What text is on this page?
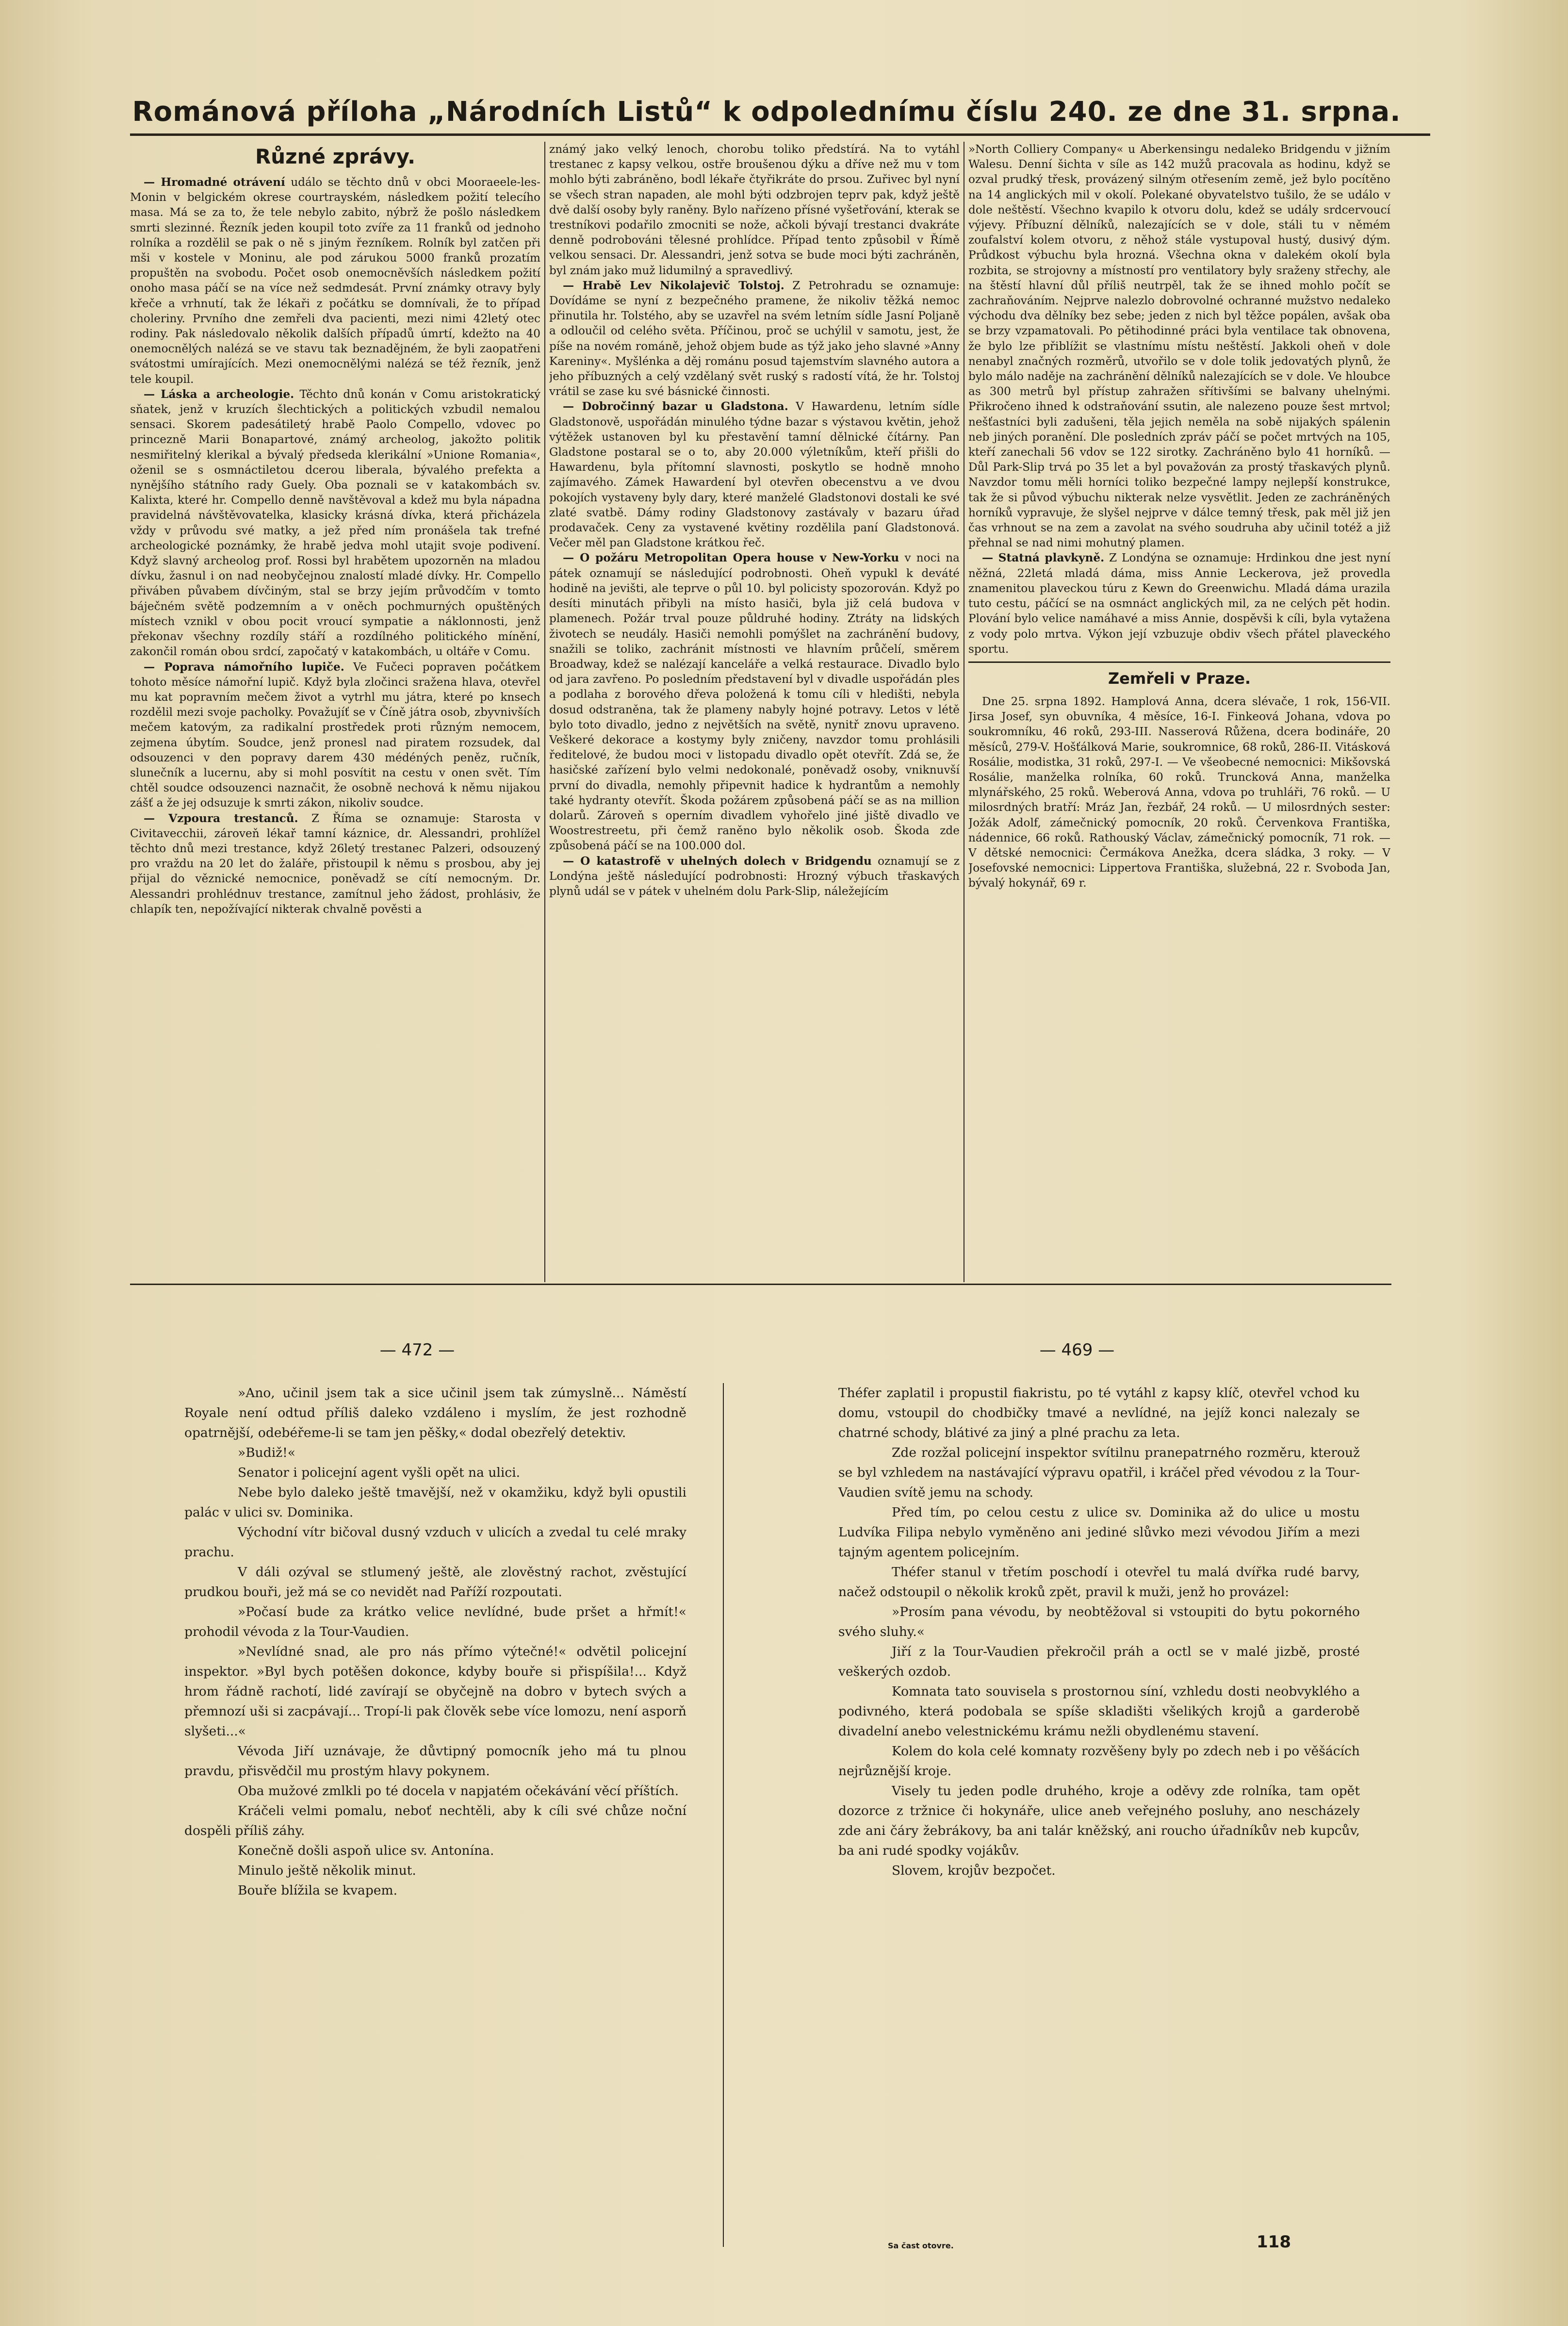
Románová příloha „Národních Listů“ k odpolednímu číslu 240. ze dne 31. srpna.
Různé zprávy.

— Hromadné otrávení událo se těchto dnů v obci Mooraeele-les-Monin v belgickém okrese courtrayském, následkem požití telecího masa. Má se za to, že tele nebylo zabito, nýbrž že pošlo následkem smrti slezinné. Řezník jeden koupil toto zvíře za 11 franků od jednoho rolníka a rozdělil se pak o ně s jiným řezníkem. Rolník byl zatčen při mši v kostele v Moninu, ale pod zárukou 5000 franků prozatím propuštěn na svobodu. Počet osob onemocněvších následkem požití onoho masa páčí se na více než sedmdesát. První známky otravy byly křeče a vrhnutí, tak že lékaři z počátku se domnívali, že to případ choleriny. Prvního dne zemřeli dva pacienti, mezi nimi 42letý otec rodiny. Pak následovalo několik dalších případů úmrtí, kdežto na 40 onemocnělých nalézá se ve stavu tak beznadějném, že byli zaopatřeni svátostmi umírajících. Mezi onemocnělými nalézá se též řezník, jenž tele koupil.

— Láska a archeologie. Těchto dnů konán v Comu aristokratický sňatek, jenž v kruzích šlechtických a politických vzbudil nemalou sensaci. Skorem padesátiletý hrabě Paolo Compello, vdovec po princezně Marii Bonapartové, známý archeolog, jakožto politik nesmiřitelný klerikal a bývalý předseda klerikální »Unione Romania«, oženil se s osmnáctiletou dcerou liberala, bývalého prefekta a nynějšího státního rady Guely. Oba poznali se v katakombách sv. Kalixta, které hr. Compello denně navštěvoval a kdež mu byla nápadna pravidelná návštěvovatelka, klasicky krásná dívka, která přicházela vždy v průvodu své matky, a jež před ním pronášela tak trefné archeologické poznámky, že hrabě jedva mohl utajit svoje podivení. Když slavný archeolog prof. Rossi byl hrabětem upozorněn na mladou dívku, žasnul i on nad neobyčejnou znalostí mladé dívky. Hr. Compello přiváben půvabem dívčiným, stal se brzy jejím průvodčím v tomto báječném světě podzemním a v oněch pochmurných opuštěných místech vznikl v obou pocit vroucí sympatie a náklonnosti, jenž překonav všechny rozdíly stáří a rozdílného politického mínění, zakončil román obou srdcí, započatý v katakombách, u oltáře v Comu.

— Poprava námořního lupiče. Ve Fučeci popraven počátkem tohoto měsíce námořní lupič. Když byla zločinci sražena hlava, otevřel mu kat popravním mečem život a vytrhl mu játra, které po knsech rozdělil mezi svoje pacholky. Považujíť se v Číně játra osob, zbyvnivších mečem katovým, za radikalní prostředek proti různým nemocem, zejmena úbytím. Soudce, jenž pronesl nad piratem rozsudek, dal odsouzenci v den popravy darem 430 médéných peněz, ručník, slunečník a lucernu, aby si mohl posvítit na cestu v onen svět. Tím chtěl soudce odsouzenci naznačit, že osobně nechová k němu nijakou zášť a že jej odsuzuje k smrti zákon, nikoliv soudce.

— Vzpoura trestanců. Z Říma se oznamuje: Starosta v Civitavecchii, zároveň lékař tamní káznice, dr. Alessandri, prohlížel těchto dnů mezi trestance, když 26letý trestanec Palzeri, odsouzený pro vraždu na 20 let do žaláře, přistoupil k němu s prosbou, aby jej přijal do věznické nemocnice, poněvadž se cítí nemocným. Dr. Alessandri prohlédnuv trestance, zamítnul jeho žádost, prohlásiv, že chlapík ten, nepožívající nikterak chvalně pověsti a

známý jako velký lenoch, chorobu toliko předstírá. Na to vytáhl trestanec z kapsy velkou, ostře broušenou dýku a dříve než mu v tom mohlo býti zabráněno, bodl lékaře čtyřikráte do prsou. Zuřivec byl nyní se všech stran napaden, ale mohl býti odzbrojen teprv pak, když ještě dvě další osoby byly raněny. Bylo nařízeno přísné vyšetřování, kterak se trestníkovi podařilo zmocniti se nože, ačkoli bývají trestanci dvakráte denně podrobováni tělesné prohlídce. Případ tento způsobil v Římě velkou sensaci. Dr. Alessandri, jenž sotva se bude moci býti zachráněn, byl znám jako muž lidumilný a spravedlivý.

— Hrabě Lev Nikolajevič Tolstoj. Z Petrohradu se oznamuje: Dovídáme se nyní z bezpečného pramene, že nikoliv těžká nemoc přinutila hr. Tolstého, aby se uzavřel na svém letním sídle Jasní Poljaně a odloučil od celého světa. Příčinou, proč se uchýlil v samotu, jest, že píše na novém románě, jehož objem bude as týž jako jeho slavné »Anny Kareniny«. Myšlénka a děj románu posud tajemstvím slavného autora a jeho příbuzných a celý vzdělaný svět ruský s radostí vítá, že hr. Tolstoj vrátil se zase ku své básnické činnosti.

— Dobročinný bazar u Gladstona. V Hawardenu, letním sídle Gladstonově, uspořádán minulého týdne bazar s výstavou květin, jehož výtěžek ustanoven byl ku přestavění tamní dělnické čítárny. Pan Gladstone postaral se o to, aby 20.000 výletníkům, kteří přišli do Hawardenu, byla přítomní slavnosti, poskytlo se hodně mnoho zajímavého. Zámek Hawardení byl otevřen obecenstvu a ve dvou pokojích vystaveny byly dary, které manželé Gladstonovi dostali ke své zlaté svatbě. Dámy rodiny Gladstonovy zastávaly v bazaru úřad prodavaček. Ceny za vystavené květiny rozdělila paní Gladstonová. Večer měl pan Gladstone krátkou řeč.

— O požáru Metropolitan Opera house v New-Yorku v noci na pátek oznamují se následující podrobnosti. Oheň vypukl k deváté hodině na jevišti, ale teprve o půl 10. byl policisty spozorován. Když po desíti minutách přibyli na místo hasiči, byla již celá budova v plamenech. Požár trval pouze půldruhé hodiny. Ztráty na lidských životech se neudály. Hasiči nemohli pomýšlet na zachránění budovy, snažili se toliko, zachránit místnosti ve hlavním průčelí, směrem Broadway, kdež se nalézají kanceláře a velká restaurace. Divadlo bylo od jara zavřeno. Po posledním představení byl v divadle uspořádán ples a podlaha z borového dřeva položená k tomu cíli v hledišti, nebyla dosud odstraněna, tak že plameny nabyly hojné potravy. Letos v létě bylo toto divadlo, jedno z největších na světě, nynitř znovu upraveno. Veškeré dekorace a kostymy byly zničeny, navzdor tomu prohlásili ředitelové, že budou moci v listopadu divadlo opět otevřít. Zdá se, že hasičské zařízení bylo velmi nedokonalé, poněvadž osoby, vniknuvší první do divadla, nemohly připevnit hadice k hydrantům a nemohly také hydranty otevřít. Škoda požárem způsobená páčí se as na million dolarů. Zároveň s operním divadlem vyhořelo jiné jiště divadlo ve Woostrestreetu, při čemž raněno bylo několik osob. Škoda zde způsobená páčí se na 100.000 dol.

— O katastrofě v uhelných dolech v Bridgendu oznamují se z Londýna ještě následující podrobnosti: Hrozný výbuch třaskavých plynů udál se v pátek v uhelném dolu Park-Slip, náležejícím

»North Colliery Company« u Aberkensingu nedaleko Bridgendu v jižním Walesu. Denní šichta v síle as 142 mužů pracovala as hodinu, když se ozval prudký třesk, provázený silným otřesením země, jež bylo pocítěno na 14 anglických mil v okolí. Polekané obyvatelstvo tušilo, že se událo v dole neštěstí. Všechno kvapilo k otvoru dolu, kdež se udály srdcervoucí výjevy. Příbuzní dělníků, nalezajících se v dole, stáli tu v němém zoufalství kolem otvoru, z něhož stále vystupoval hustý, dusivý dým. Průdkost výbuchu byla hrozná. Všechna okna v dalekém okolí byla rozbita, se strojovny a místností pro ventilatory byly sraženy střechy, ale na štěstí hlavní důl příliš neutrpěl, tak že se ihned mohlo počít se zachraňováním. Nejprve nalezlo dobrovolné ochranné mužstvo nedaleko východu dva dělníky bez sebe; jeden z nich byl těžce popálen, avšak oba se brzy vzpamatovali. Po pětihodinné práci byla ventilace tak obnovena, že bylo lze přiblížit se vlastnímu místu neštěstí. Jakkoli oheň v dole nenabyl značných rozměrů, utvořilo se v dole tolik jedovatých plynů, že bylo málo naděje na zachránění dělníků nalezajících se v dole. Ve hloubce as 300 metrů byl přístup zahražen sřítivšími se balvany uhelnými. Přikročeno ihned k odstraňování ssutin, ale nalezeno pouze šest mrtvol; nešťastníci byli zadušeni, těla jejich neměla na sobě nijakých spálenin neb jiných poranění. Dle posledních zpráv páčí se počet mrtvých na 105, kteří zanechali 56 vdov se 122 sirotky. Zachráněno bylo 41 horníků. — Důl Park-Slip trvá po 35 let a byl považován za prostý třaskavých plynů. Navzdor tomu měli horníci toliko bezpečné lampy nejlepší konstrukce, tak že si původ výbuchu nikterak nelze vysvětlit. Jeden ze zachráněných horníků vypravuje, že slyšel nejprve v dálce temný třesk, pak měl již jen čas vrhnout se na zem a zavolat na svého soudruha aby učinil totéž a již přehnal se nad nimi mohutný plamen.

— Statná plavkyně. Z Londýna se oznamuje: Hrdinkou dne jest nyní něžná, 22letá mladá dáma, miss Annie Leckerova, jež provedla znamenitou plaveckou túru z Kewn do Greenwichu. Mladá dáma urazila tuto cestu, páčící se na osmnáct anglických mil, za ne celých pět hodin. Plování bylo velice namáhavé a miss Annie, dospěvši k cíli, byla vytažena z vody polo mrtva. Výkon její vzbuzuje obdiv všech přátel plaveckého sportu.

Zemřeli v Praze.

Dne 25. srpna 1892. Hamplová Anna, dcera slévače, 1 rok, 156-VII. Jirsa Josef, syn obuvníka, 4 měsíce, 16-I. Finkeová Johana, vdova po soukromníku, 46 roků, 293-III. Nasserová Růžena, dcera bodináře, 20 měsíců, 279-V. Hošťálková Marie, soukromnice, 68 roků, 286-II. Vitásková Rosálie, modistka, 31 roků, 297-I. — Ve všeobecné nemocnici: Mikšovská Rosálie, manželka rolníka, 60 roků. Truncková Anna, manželka mlynářského, 25 roků. Weberová Anna, vdova po truhláři, 76 roků. — U milosrdných bratří: Mráz Jan, řezbář, 24 roků. — U milosrdných sester: Jožák Adolf, zámečnický pomocník, 20 roků. Červenkova Františka, nádennice, 66 roků. Rathouský Václav, zámečnický pomocník, 71 rok. — V dětské nemocnici: Čermákova Anežka, dcera sládka, 3 roky. — V Josefovské nemocnici: Lippertova Františka, služebná, 22 r. Svoboda Jan, bývalý hokynář, 69 r.

— 472 —	— 469 —

»Ano, učinil jsem tak a sice učinil jsem tak zúmyslně... Náměstí Royale není odtud příliš daleko vzdáleno i myslím, že jest rozhodně opatrnější, odebéřeme-li se tam jen pěšky,« dodal obezřelý detektiv.

»Budiž!«

Senator i policejní agent vyšli opět na ulici.

Nebe bylo daleko ještě tmavější, než v okamžiku, když byli opustili palác v ulici sv. Dominika.

Východní vítr bičoval dusný vzduch v ulicích a zvedal tu celé mraky prachu.

V dáli ozýval se stlumený ještě, ale zlověstný rachot, zvěstující prudkou bouři, jež má se co nevidět nad Paříží rozpoutati.

»Počasí bude za krátko velice nevlídné, bude pršet a hřmít!« prohodil vévoda z la Tour-Vaudien.

»Nevlídné snad, ale pro nás přímo výtečné!« odvětil policejní inspektor. »Byl bych potěšen dokonce, kdyby bouře si přispíšila!... Když hrom řádně rachotí, lidé zavírají se obyčejně na dobro v bytech svých a přemnozí uši si zacpávají... Tropí-li pak člověk sebe více lomozu, není asporň slyšeti...«

Vévoda Jiří uznávaje, že důvtipný pomocník jeho má tu plnou pravdu, přisvědčil mu prostým hlavy pokynem.

Oba mužové zmlkli po té docela v napjatém očekávání věcí příštích.

Kráčeli velmi pomalu, neboť nechtěli, aby k cíli své chůze noční dospěli příliš záhy.

Konečně došli aspoň ulice sv. Antonína.

Minulo ještě několik minut.

Bouře blížila se kvapem.

Théfer zaplatil i propustil fiakristu, po té vytáhl z kapsy klíč, otevřel vchod ku domu, vstoupil do chodbičky tmavé a nevlídné, na jejíž konci nalezaly se chatrné schody, blátivé za jiný a plné prachu za leta.

Zde rozžal policejní inspektor svítilnu pranepatrného rozměru, kterouž se byl vzhledem na nastávající výpravu opatřil, i kráčel před vévodou z la Tour-Vaudien svítě jemu na schody.

Před tím, po celou cestu z ulice sv. Dominika až do ulice u mostu Ludvíka Filipa nebylo vyměněno ani jediné slůvko mezi vévodou Jiřím a mezi tajným agentem policejním.

Théfer stanul v třetím poschodí i otevřel tu malá dvířka rudé barvy, načež odstoupil o několik kroků zpět, pravil k muži, jenž ho provázel:

»Prosím pana vévodu, by neobtěžoval si vstoupiti do bytu pokorného svého sluhy.«

Jiří z la Tour-Vaudien překročil práh a octl se v malé jizbě, prosté veškerých ozdob.

Komnata tato souvisela s prostornou síní, vzhledu dosti neobvyklého a podivného, která podobala se spíše skladišti všelikých krojů a garderobě divadelní anebo velestnickému krámu nežli obydlenému stavení.

Kolem do kola celé komnaty rozvěšeny byly po zdech neb i po věšácích nejrůznější kroje.

Visely tu jeden podle druhého, kroje a oděvy zde rolníka, tam opět dozorce z tržnice či hokynáře, ulice aneb veřejného posluhy, ano nescházely zde ani čáry žebrákovy, ba ani talár kněžský, ani roucho úřadníkův neb kupcův, ba ani rudé spodky vojákův.

Slovem, krojův bezpočet.

Sa čast otovre.	118
